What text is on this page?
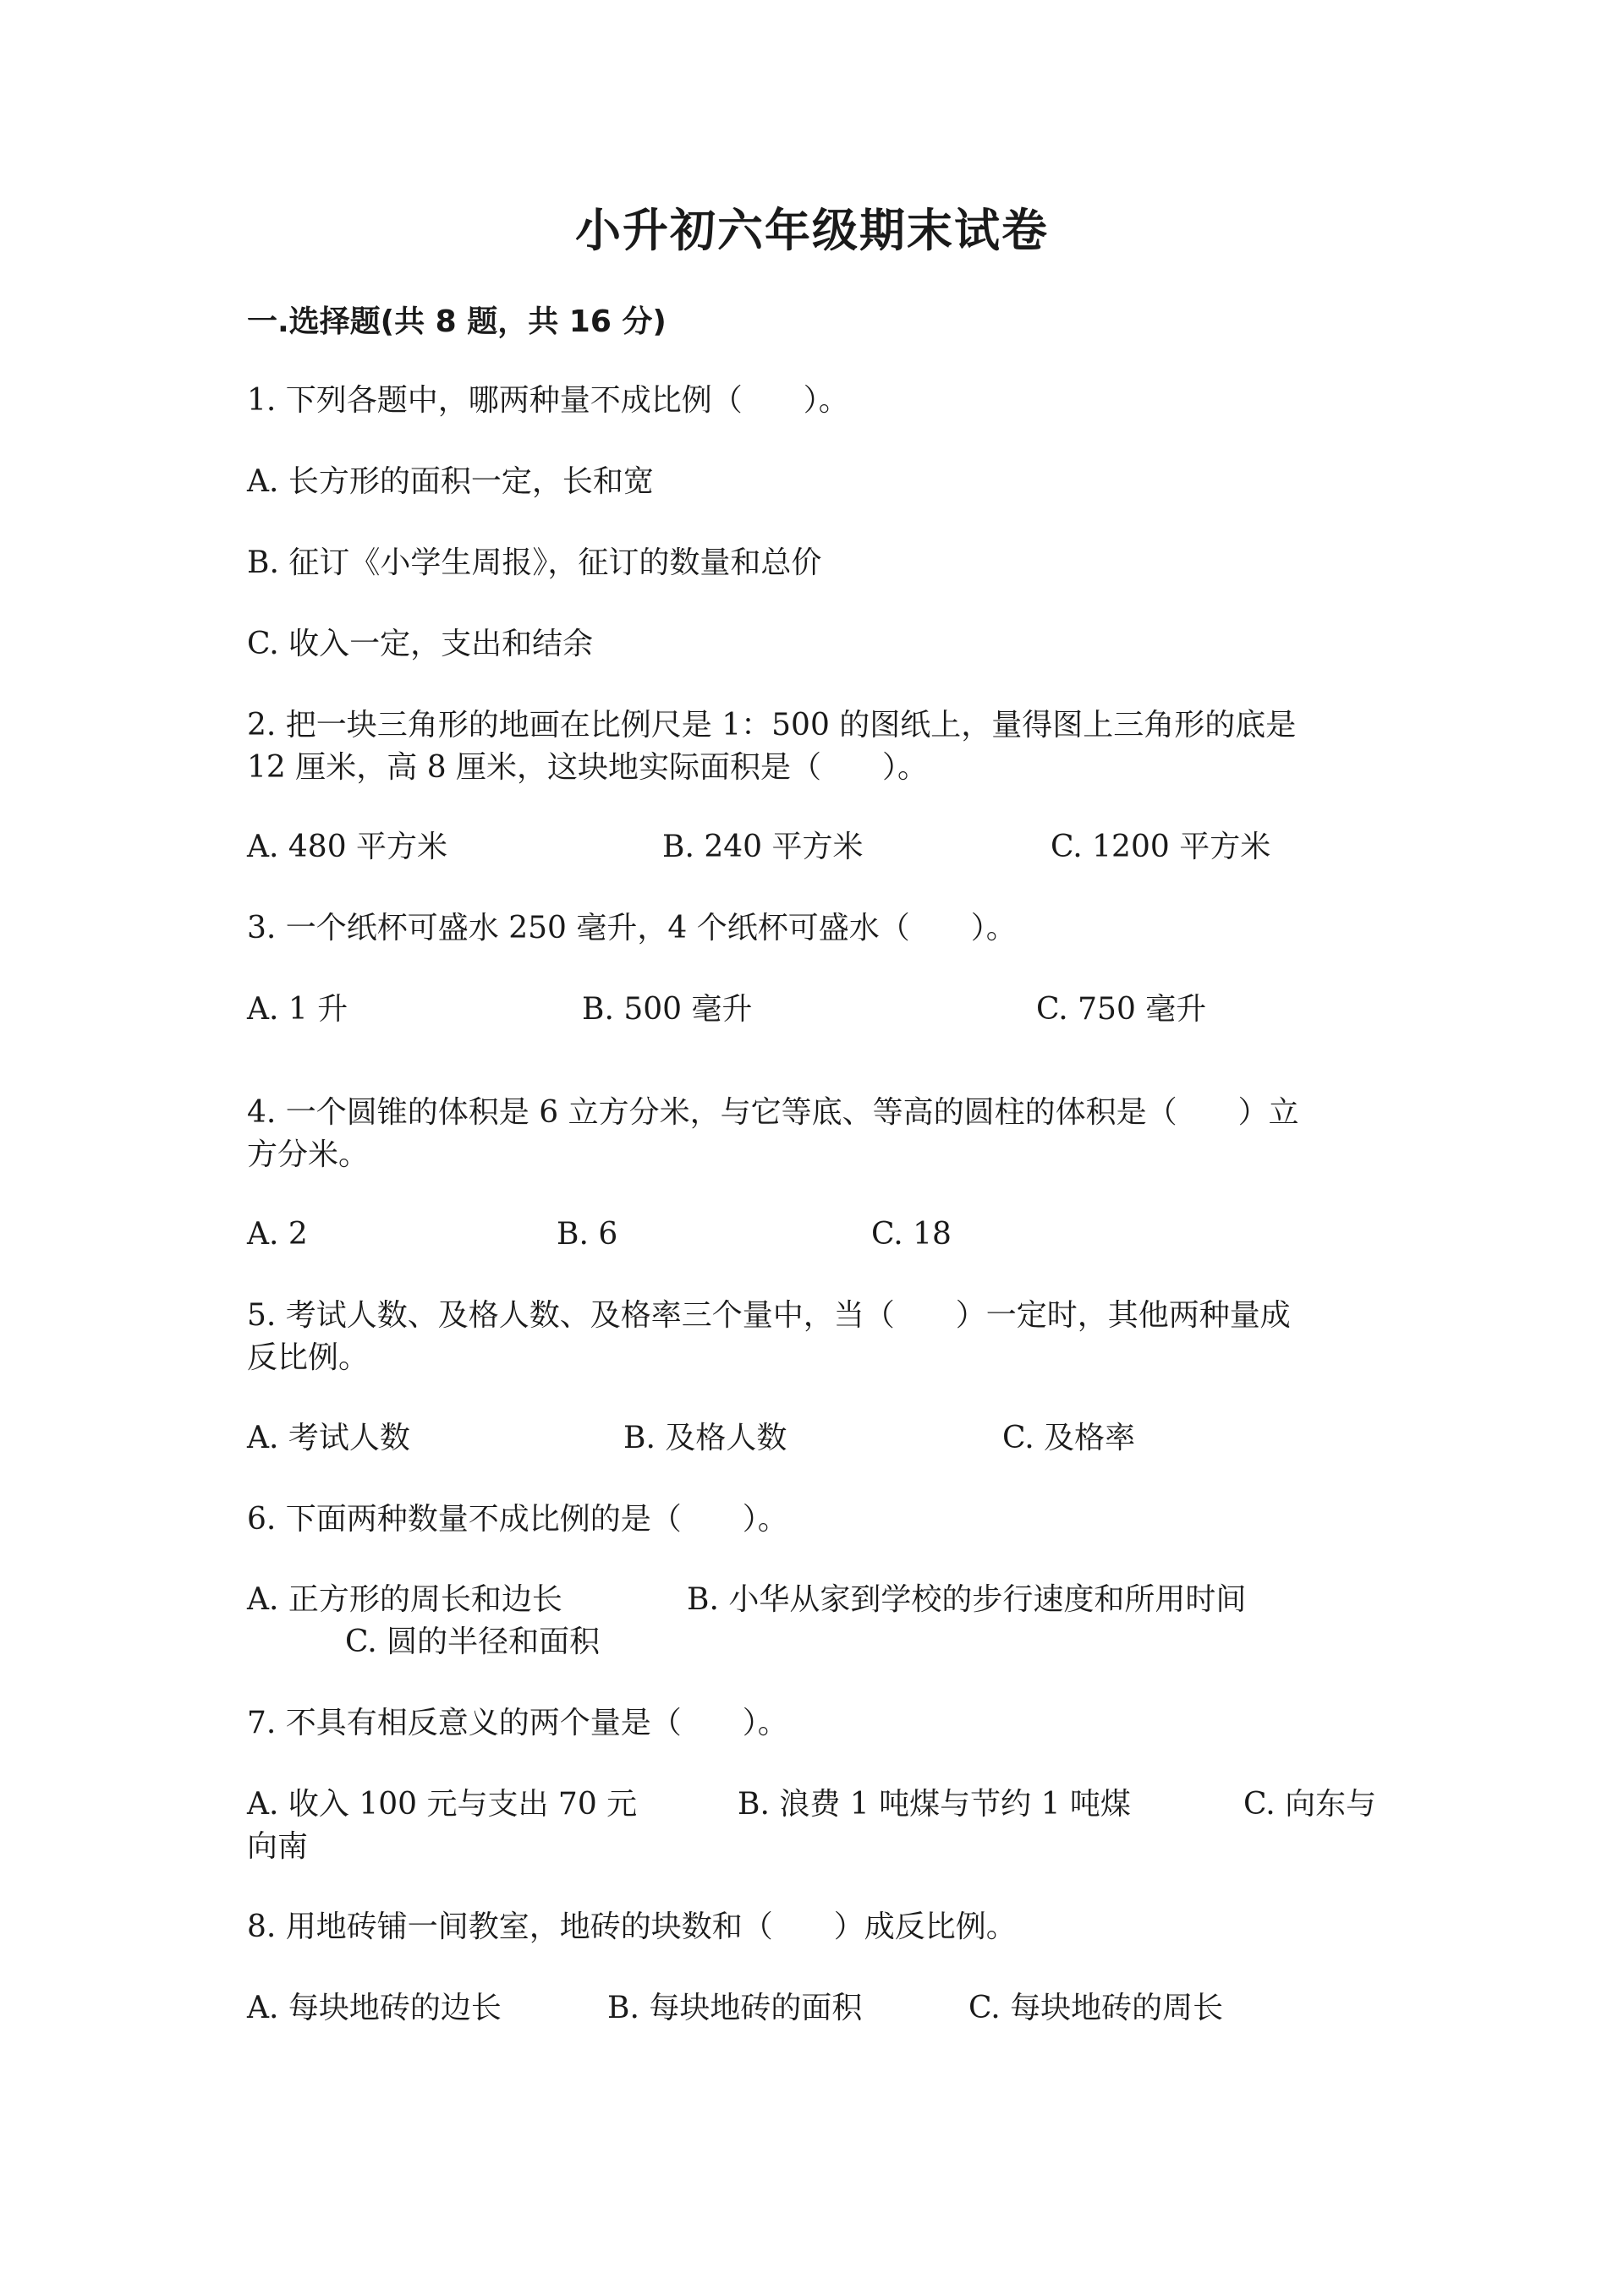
小升初六年级期末试卷
一.选择题(共 8 题，共 16 分)
1. 下列各题中，哪两种量不成比例（　　）。
A. 长方形的面积一定，长和宽
B. 征订《小学生周报》，征订的数量和总价
C. 收入一定，支出和结余
2. 把一块三角形的地画在比例尺是 1：500 的图纸上，量得图上三角形的底是
12 厘米，高 8 厘米，这块地实际面积是（　　）。
A. 480 平方米	B. 240 平方米	C. 1200 平方米
3. 一个纸杯可盛水 250 毫升，4 个纸杯可盛水（　　）。
A. 1 升	B. 500 毫升	C. 750 毫升
4. 一个圆锥的体积是 6 立方分米，与它等底、等高的圆柱的体积是（　　）立
方分米。
A. 2	B. 6	C. 18
5. 考试人数、及格人数、及格率三个量中，当（　　）一定时，其他两种量成
反比例。
A. 考试人数	B. 及格人数	C. 及格率
6. 下面两种数量不成比例的是（　　）。
A. 正方形的周长和边长	B. 小华从家到学校的步行速度和所用时间
C. 圆的半径和面积
7. 不具有相反意义的两个量是（　　）。
A. 收入 100 元与支出 70 元	B. 浪费 1 吨煤与节约 1 吨煤	C. 向东与
向南
8. 用地砖铺一间教室，地砖的块数和（　　）成反比例。
A. 每块地砖的边长	B. 每块地砖的面积	C. 每块地砖的周长
